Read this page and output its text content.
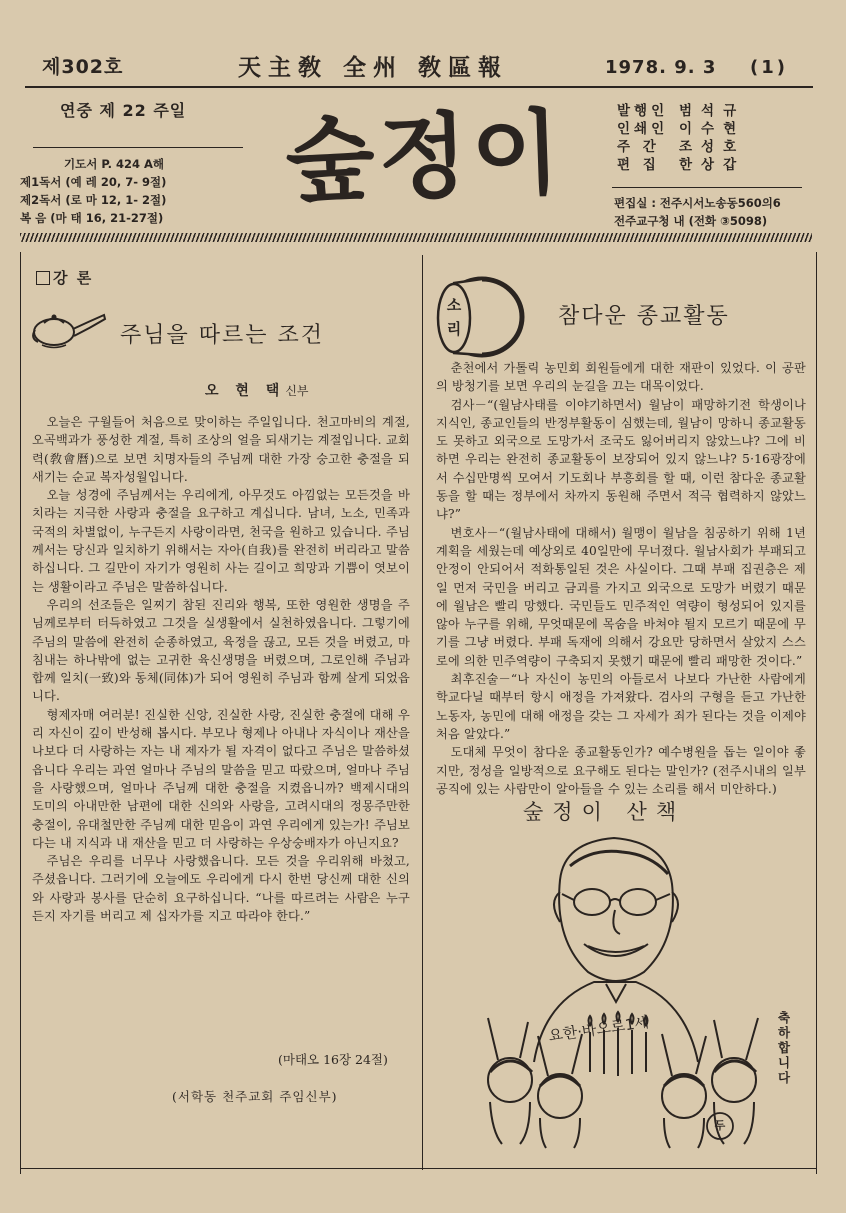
제302호	天主敎 全州 敎區報	1978. 9. 3 (1)
연중 제 22 주일
기도서 P. 424 A해
제1독서 (예 레 20, 7- 9절)
제2독서 (로 마 12, 1- 2절)
복 음 (마 태 16, 21-27절)
숲정이	발행인 범석규
인쇄인 이수현
주 간	조성호
편 집	한상갑
편집실 : 전주시서노송동560의6
전주교구청 내 (전화 ③5098)
강 론
주님을 따르는 조건
오 현 택신부

오늘은 구월들어 처음으로 맞이하는 주일입니다. 천고마비의 계절, 오곡백과가 풍성한 계절, 특히 조상의 얼을 되새기는 계절입니다. 교회력(敎會曆)으로 보면 치명자들의 주님께 대한 가장 숭고한 충절을 되새기는 순교 복자성월입니다.

오늘 성경에 주님께서는 우리에게, 아무것도 아낌없는 모든것을 바치라는 지극한 사랑과 충절을 요구하고 계십니다. 남녀, 노소, 민족과 국적의 차별없이, 누구든지 사랑이라면, 천국을 원하고 있습니다. 주님께서는 당신과 일치하기 위해서는 자아(自我)를 완전히 버리라고 말씀하십니다. 그 길만이 자기가 영원히 사는 길이고 희망과 기쁨이 엿보이는 생활이라고 주님은 말씀하십니다.

우리의 선조들은 일찌기 참된 진리와 행복, 또한 영원한 생명을 주님께로부터 터득하였고 그것을 실생활에서 실천하였읍니다. 그렇기에 주님의 말씀에 완전히 순종하였고, 육정을 끊고, 모든 것을 버렸고, 마침내는 하나밖에 없는 고귀한 육신생명을 버렸으며, 그로인해 주님과 합께 일치(一致)와 동체(同体)가 되어 영원히 주님과 함께 살게 되었읍니다.

형제자매 여러분! 진실한 신앙, 진실한 사랑, 진실한 충절에 대해 우리 자신이 깊이 반성해 봅시다. 부모나 형제나 아내나 자식이나 재산을 나보다 더 사랑하는 자는 내 제자가 될 자격이 없다고 주님은 말씀하셨읍니다 우리는 과연 얼마나 주님의 말씀을 믿고 따랐으며, 얼마나 주님을 사랑했으며, 얼마나 주님께 대한 충절을 지켰읍니까? 백제시대의 도미의 아내만한 남편에 대한 신의와 사랑을, 고려시대의 정몽주만한 충절이, 유대철만한 주님께 대한 믿음이 과연 우리에게 있는가! 주님보다는 내 지식과 내 재산을 믿고 더 사랑하는 우상숭배자가 아닌지요?

주님은 우리를 너무나 사랑했읍니다. 모든 것을 우리위해 바쳤고, 주셨읍니다. 그러기에 오늘에도 우리에게 다시 한번 당신께 대한 신의와 사랑과 봉사를 단순히 요구하십니다. “나를 따르려는 사람은 누구든지 자기를 버리고 제 십자가를 지고 따라야 한다.”

(마태오 16장 24절)
(서학동 천주교회 주임신부)
소
리	참다운 종교활동

춘천에서 가톨릭 농민회 회원들에게 대한 재판이 있었다. 이 공판의 방청기를 보면 우리의 눈길을 끄는 대목이었다.

검사－“(월남사태를 이야기하면서) 월남이 패망하기전 학생이나 지식인, 종교인들의 반정부활동이 심했는데, 월남이 망하니 종교활동도 못하고 외국으로 도망가서 조국도 잃어버리지 않았느냐? 그에 비하면 우리는 완전히 종교활동이 보장되어 있지 않느냐? 5·16광장에서 수십만명씩 모여서 기도회나 부흥회를 할 때, 이런 참다운 종교활동을 할 때는 정부에서 차까지 동원해 주면서 적극 협력하지 않았느냐?”

변호사－“(월남사태에 대해서) 월맹이 월남을 침공하기 위해 1년계획을 세웠는데 예상외로 40일만에 무너졌다. 월남사회가 부패되고 안정이 안되어서 적화통일된 것은 사실이다. 그때 부패 집권층은 제일 먼저 국민을 버리고 금괴를 가지고 외국으로 도망가 버렸기 때문에 월남은 빨리 망했다. 국민들도 민주적인 역량이 형성되어 있지를 않아 누구를 위해, 무엇때문에 목숨을 바쳐야 될지 모르기 때문에 무기를 그냥 버렸다. 부패 독재에 의해서 강요만 당하면서 살았지 스스로에 의한 민주역량이 구축되지 못했기 때문에 빨리 패망한 것이다.”

최후진술－“나 자신이 농민의 아들로서 나보다 가난한 사람에게 학교다닐 때부터 항시 애정을 가져왔다. 검사의 구형을 듣고 가난한 노동자, 농민에 대해 애정을 갖는 그 자세가 죄가 된다는 것을 이제야 처음 알았다.”

도대체 무엇이 참다운 종교활동인가? 예수병원을 돕는 일이야 좋지만, 정성을 일방적으로 요구해도 된다는 말인가? (전주시내의 일부 공직에 있는 사람만이 알아들을 수 있는 소리를 해서 미안하다.)

숲정이 산책
요한·바오로1세
두
축하합니다
